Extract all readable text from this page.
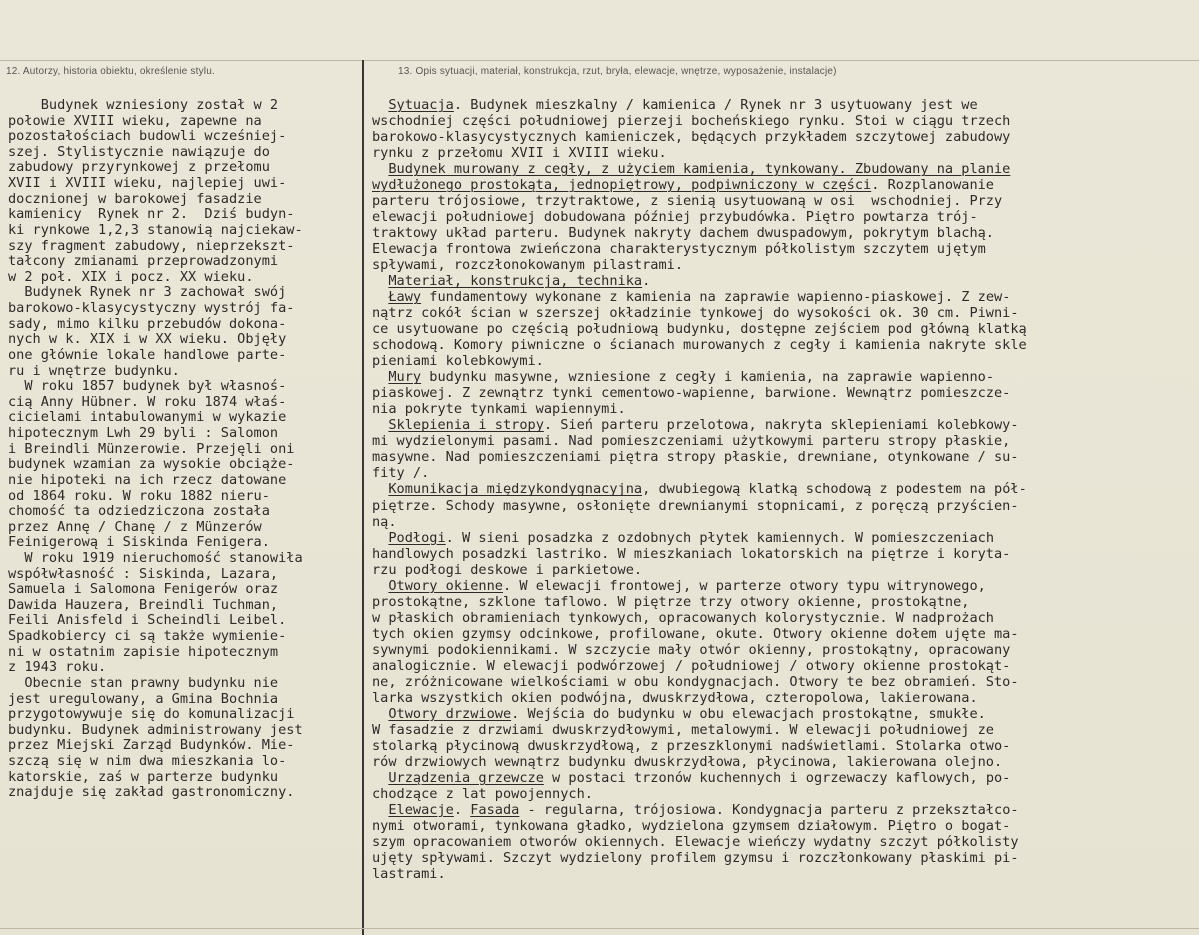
12. Autorzy, historia obiektu, określenie stylu.	13. Opis sytuacji, materiał, konstrukcja, rzut, bryła, elewacje, wnętrze, wyposażenie, instalacje)
Budynek wzniesiony został w 2
połowie XVIII wieku, zapewne na
pozostałościach budowli wcześniej-
szej. Stylistycznie nawiązuje do
zabudowy przyrynkowej z przełomu
XVII i XVIII wieku, najlepiej uwi-
docznionej w barokowej fasadzie
kamienicy  Rynek nr 2.  Dziś budyn-
ki rynkowe 1,2,3 stanowią najciekaw-
szy fragment zabudowy, nieprzekszt-
tałcony zmianami przeprowadzonymi
w 2 poł. XIX i pocz. XX wieku.
Budynek Rynek nr 3 zachował swój
barokowo-klasycystyczny wystrój fa-
sady, mimo kilku przebudów dokona-
nych w k. XIX i w XX wieku. Objęły
one głównie lokale handlowe parte-
ru i wnętrze budynku.
W roku 1857 budynek był własnoś-
cią Anny Hübner. W roku 1874 właś-
cicielami intabulowanymi w wykazie
hipotecznym Lwh 29 byli : Salomon
i Breindli Münzerowie. Przejęli oni
budynek wzamian za wysokie obciąże-
nie hipoteki na ich rzecz datowane
od 1864 roku. W roku 1882 nieru-
chomość ta odziedziczona została
przez Annę / Chanę / z Münzerów
Feinigerową i Siskinda Fenigera.
W roku 1919 nieruchomość stanowiła
współwłasność : Siskinda, Lazara,
Samuela i Salomona Fenigerów oraz
Dawida Hauzera, Breindli Tuchman,
Feili Anisfeld i Scheindli Leibel.
Spadkobiercy ci są także wymienie-
ni w ostatnim zapisie hipotecznym
z 1943 roku.
Obecnie stan prawny budynku nie
jest uregulowany, a Gmina Bochnia
przygotowywuje się do komunalizacji
budynku. Budynek administrowany jest
przez Miejski Zarząd Budynków. Mie-
szczą się w nim dwa mieszkania lo-
katorskie, zaś w parterze budynku
znajduje się zakład gastronomiczny.
Sytuacja. Budynek mieszkalny / kamienica / Rynek nr 3 usytuowany jest we
wschodniej części południowej pierzeji bocheńskiego rynku. Stoi w ciągu trzech
barokowo-klasycystycznych kamieniczek, będących przykładem szczytowej zabudowy
rynku z przełomu XVII i XVIII wieku.
Budynek murowany z cegły, z użyciem kamienia, tynkowany. Zbudowany na planie
wydłużonego prostokąta, jednopiętrowy, podpiwniczony w części. Rozplanowanie
parteru trójosiowe, trzytraktowe, z sienią usytuowaną w osi  wschodniej. Przy
elewacji południowej dobudowana później przybudówka. Piętro powtarza trój-
traktowy układ parteru. Budynek nakryty dachem dwuspadowym, pokrytym blachą.
Elewacja frontowa zwieńczona charakterystycznym półkolistym szczytem ujętym
spływami, rozczłonokowanym pilastrami.
Materiał, konstrukcja, technika.
Ławy fundamentowy wykonane z kamienia na zaprawie wapienno-piaskowej. Z zew-
nątrz cokół ścian w szerszej okładzinie tynkowej do wysokości ok. 30 cm. Piwni-
ce usytuowane po częścią południową budynku, dostępne zejściem pod główną klatką
schodową. Komory piwniczne o ścianach murowanych z cegły i kamienia nakryte skle
pieniami kolebkowymi.
Mury budynku masywne, wzniesione z cegły i kamienia, na zaprawie wapienno-
piaskowej. Z zewnątrz tynki cementowo-wapienne, barwione. Wewnątrz pomieszcze-
nia pokryte tynkami wapiennymi.
Sklepienia i stropy. Sień parteru przelotowa, nakryta sklepieniami kolebkowy-
mi wydzielonymi pasami. Nad pomieszczeniami użytkowymi parteru stropy płaskie,
masywne. Nad pomieszczeniami piętra stropy płaskie, drewniane, otynkowane / su-
fity /.
Komunikacja międzykondygnacyjna, dwubiegową klatką schodową z podestem na pół-
piętrze. Schody masywne, osłonięte drewnianymi stopnicami, z poręczą przyścien-
ną.
Podłogi. W sieni posadzka z ozdobnych płytek kamiennych. W pomieszczeniach
handlowych posadzki lastriko. W mieszkaniach lokatorskich na piętrze i koryta-
rzu podłogi deskowe i parkietowe.
Otwory okienne. W elewacji frontowej, w parterze otwory typu witrynowego,
prostokątne, szklone taflowo. W piętrze trzy otwory okienne, prostokątne,
w płaskich obramieniach tynkowych, opracowanych kolorystycznie. W nadprożach
tych okien gzymsy odcinkowe, profilowane, okute. Otwory okienne dołem ujęte ma-
sywnymi podokiennikami. W szczycie mały otwór okienny, prostokątny, opracowany
analogicznie. W elewacji podwórzowej / południowej / otwory okienne prostokąt-
ne, zróżnicowane wielkościami w obu kondygnacjach. Otwory te bez obramień. Sto-
larka wszystkich okien podwójna, dwuskrzydłowa, czteropolowa, lakierowana.
Otwory drzwiowe. Wejścia do budynku w obu elewacjach prostokątne, smukłe.
W fasadzie z drzwiami dwuskrzydłowymi, metalowymi. W elewacji południowej ze
stolarką płycinową dwuskrzydłową, z przeszklonymi nadświetlami. Stolarka otwo-
rów drzwiowych wewnątrz budynku dwuskrzydłowa, płycinowa, lakierowana olejno.
Urządzenia grzewcze w postaci trzonów kuchennych i ogrzewaczy kaflowych, po-
chodzące z lat powojennych.
Elewacje. Fasada - regularna, trójosiowa. Kondygnacja parteru z przekształco-
nymi otworami, tynkowana gładko, wydzielona gzymsem działowym. Piętro o bogat-
szym opracowaniem otworów okiennych. Elewacje wieńczy wydatny szczyt półkolisty
ujęty spływami. Szczyt wydzielony profilem gzymsu i rozczłonkowany płaskimi pi-
lastrami.
